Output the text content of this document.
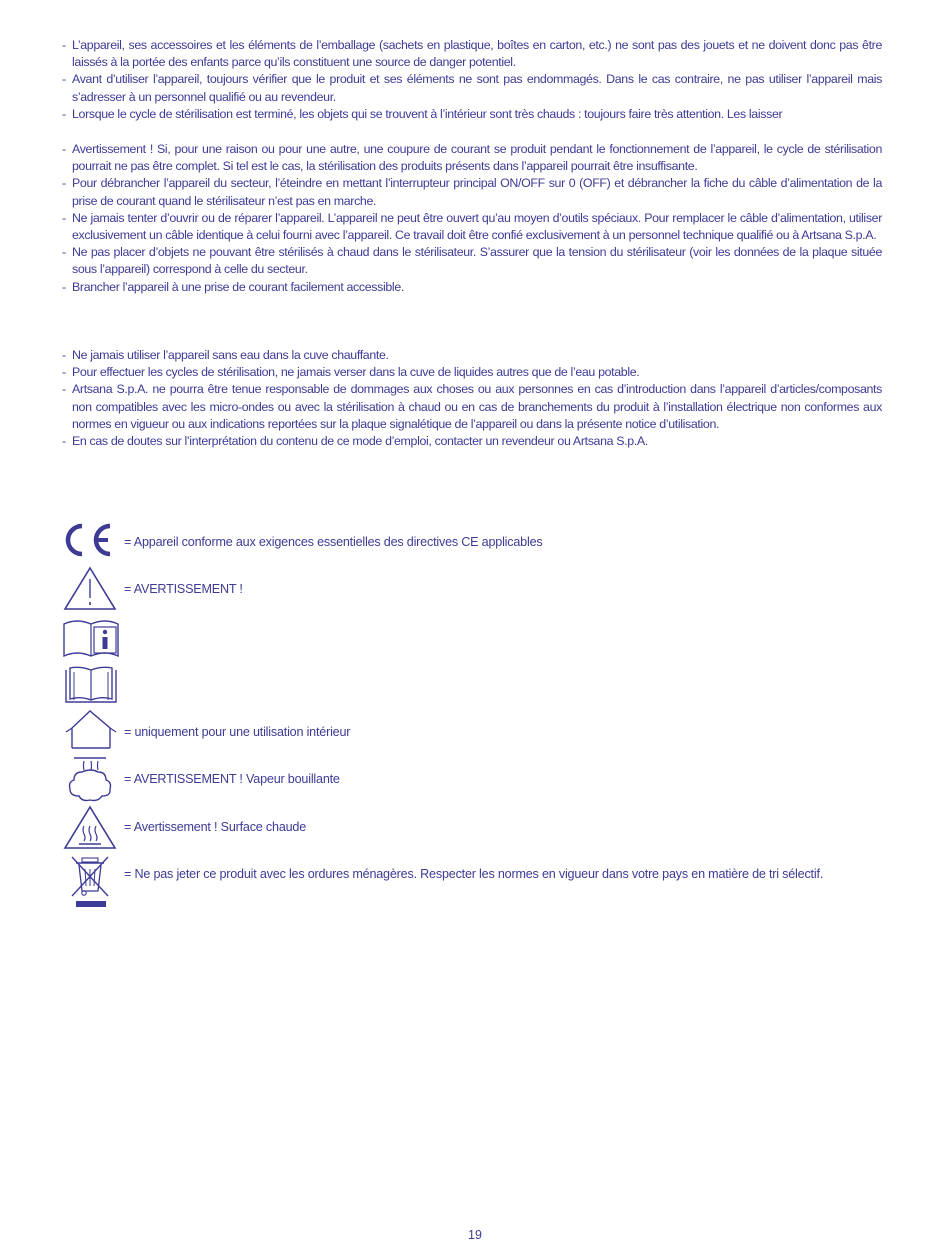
- L’appareil, ses accessoires et les éléments de l’emballage (sachets en plastique, boîtes en carton, etc.) ne sont pas des jouets et ne doivent donc pas être laissés à la portée des enfants parce qu’ils constituent une source de danger potentiel.
- Avant d’utiliser l’appareil, toujours vérifier que le produit et ses éléments ne sont pas endommagés. Dans le cas contraire, ne pas utiliser l’appareil mais s’adresser à un personnel qualifié ou au revendeur.
- Lorsque le cycle de stérilisation est terminé, les objets qui se trouvent à l’intérieur sont très chauds : toujours faire très attention. Les laisser
- Avertissement ! Si, pour une raison ou pour une autre, une coupure de courant se produit pendant le fonctionnement de l’appareil, le cycle de stérilisation pourrait ne pas être complet. Si tel est le cas, la stérilisation des produits présents dans l’appareil pourrait être insuffisante.
- Pour débrancher l’appareil du secteur, l’éteindre en mettant l’interrupteur principal ON/OFF sur 0 (OFF) et débrancher la fiche du câble d’alimentation de la prise de courant quand le stérilisateur n’est pas en marche.
- Ne jamais tenter d’ouvrir ou de réparer l’appareil. L’appareil ne peut être ouvert qu’au moyen d’outils spéciaux. Pour remplacer le câble d’alimentation, utiliser exclusivement un câble identique à celui fourni avec l’appareil. Ce travail doit être confié exclusivement à un personnel technique qualifié ou à Artsana S.p.A.
- Ne pas placer d’objets ne pouvant être stérilisés à chaud dans le stérilisateur. S’assurer que la tension du stérilisateur (voir les données de la plaque située sous l’appareil) correspond à celle du secteur.
- Brancher l’appareil à une prise de courant facilement accessible.
- Ne jamais utiliser l’appareil sans eau dans la cuve chauffante.
- Pour effectuer les cycles de stérilisation, ne jamais verser dans la cuve de liquides autres que de l’eau potable.
- Artsana S.p.A. ne pourra être tenue responsable de dommages aux choses ou aux personnes en cas d’introduction dans l’appareil d’articles/composants non compatibles avec les micro-ondes ou avec la stérilisation à chaud ou en cas de branchements du produit à l’installation électrique non conformes aux normes en vigueur ou aux indications reportées sur la plaque signalétique de l’appareil ou dans la présente notice d’utilisation.
- En cas de doutes sur l’interprétation du contenu de ce mode d’emploi, contacter un revendeur ou Artsana S.p.A.
= Appareil conforme aux exigences essentielles des directives CE applicables
= AVERTISSEMENT !
= uniquement pour une utilisation intérieur
= AVERTISSEMENT ! Vapeur bouillante
= Avertissement ! Surface chaude
= Ne pas jeter ce produit avec les ordures ménagères. Respecter les normes en vigueur dans votre pays en matière de tri sélectif.
19
